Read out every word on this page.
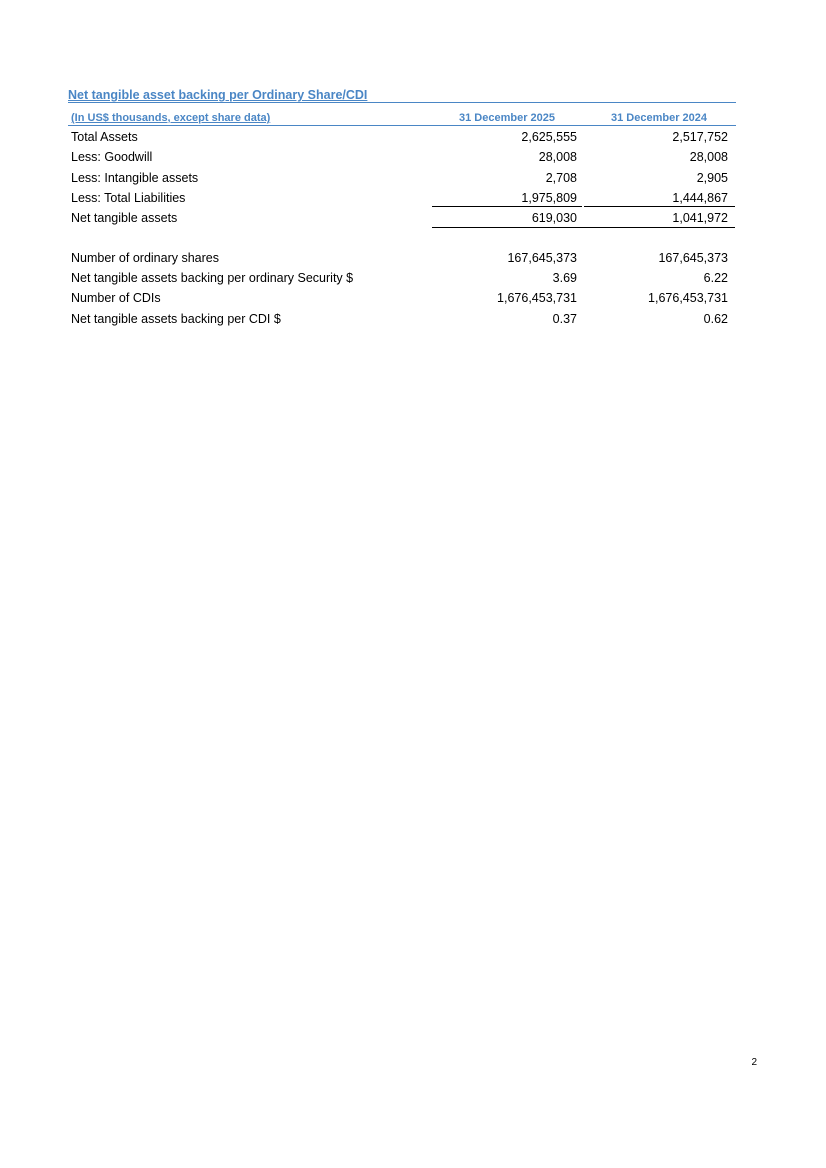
Net tangible asset backing per Ordinary Share/CDI
(In US$ thousands, except share data)	31 December 2025	31 December 2024
Total Assets	2,625,555	2,517,752
Less: Goodwill	28,008	28,008
Less: Intangible assets	2,708	2,905
Less: Total Liabilities	1,975,809	1,444,867
Net tangible assets	619,030	1,041,972
Number of ordinary shares	167,645,373	167,645,373
Net tangible assets backing per ordinary Security $	3.69	6.22
Number of CDIs	1,676,453,731	1,676,453,731
Net tangible assets backing per CDI $	0.37	0.62
2
